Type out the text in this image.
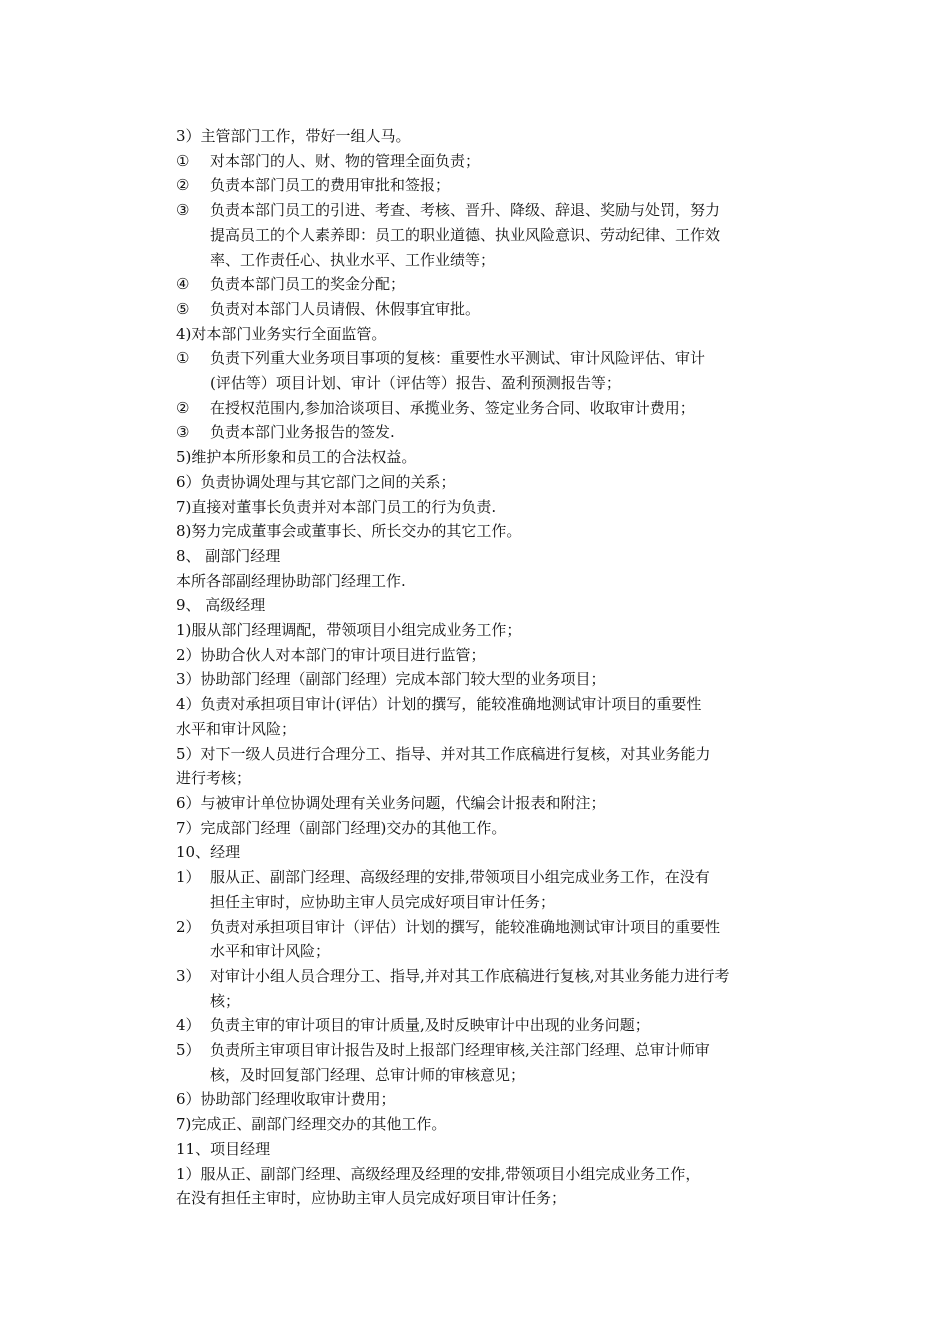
3）主管部门工作，带好一组人马。
①	对本部门的人、财、物的管理全面负责；
②	负责本部门员工的费用审批和签报；
③	负责本部门员工的引进、考查、考核、晋升、降级、辞退、奖励与处罚，努力
提高员工的个人素养即：员工的职业道德、执业风险意识、劳动纪律、工作效
率、工作责任心、执业水平、工作业绩等；
④	负责本部门员工的奖金分配；
⑤	负责对本部门人员请假、休假事宜审批。
4)对本部门业务实行全面监管。
①	负责下列重大业务项目事项的复核：重要性水平测试、审计风险评估、审计
(评估等）项目计划、审计（评估等）报告、盈利预测报告等；
②	在授权范围内,参加洽谈项目、承揽业务、签定业务合同、收取审计费用；
③	负责本部门业务报告的签发.
5)维护本所形象和员工的合法权益。
6）负责协调处理与其它部门之间的关系；
7)直接对董事长负责并对本部门员工的行为负责.
8)努力完成董事会或董事长、所长交办的其它工作。
8、 副部门经理
本所各部副经理协助部门经理工作.
9、 高级经理
1)服从部门经理调配，带领项目小组完成业务工作；
2）协助合伙人对本部门的审计项目进行监管；
3）协助部门经理（副部门经理）完成本部门较大型的业务项目；
4）负责对承担项目审计(评估）计划的撰写，能较准确地测试审计项目的重要性
水平和审计风险；
5）对下一级人员进行合理分工、指导、并对其工作底稿进行复核，对其业务能力
进行考核；
6）与被审计单位协调处理有关业务问题，代编会计报表和附注；
7）完成部门经理（副部门经理)交办的其他工作。
10、经理
1） 服从正、副部门经理、高级经理的安排,带领项目小组完成业务工作，在没有
担任主审时，应协助主审人员完成好项目审计任务；
2） 负责对承担项目审计（评估）计划的撰写，能较准确地测试审计项目的重要性
水平和审计风险；
3） 对审计小组人员合理分工、指导,并对其工作底稿进行复核,对其业务能力进行考
核；
4） 负责主审的审计项目的审计质量,及时反映审计中出现的业务问题；
5） 负责所主审项目审计报告及时上报部门经理审核,关注部门经理、总审计师审
核，及时回复部门经理、总审计师的审核意见；
6）协助部门经理收取审计费用；
7)完成正、副部门经理交办的其他工作。
11、项目经理
1）服从正、副部门经理、高级经理及经理的安排,带领项目小组完成业务工作，
在没有担任主审时，应协助主审人员完成好项目审计任务；
